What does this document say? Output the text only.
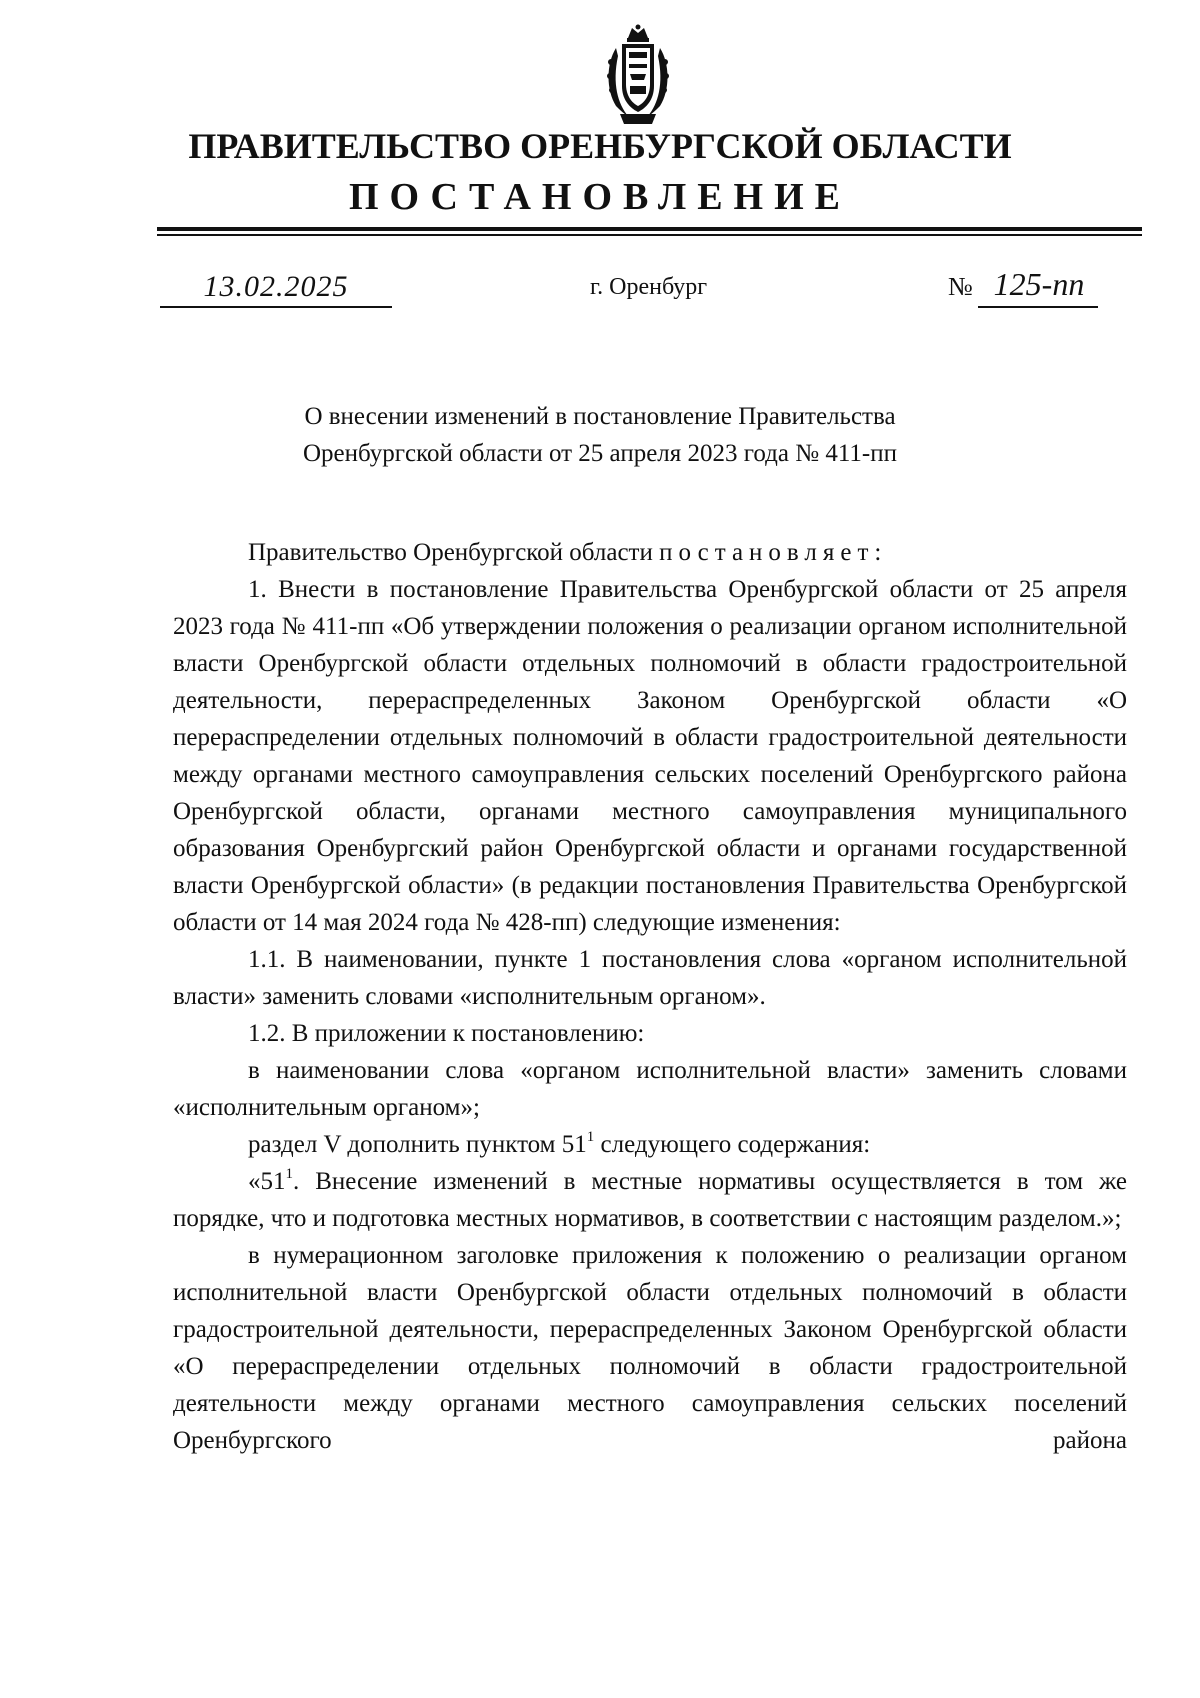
ПРАВИТЕЛЬСТВО ОРЕНБУРГСКОЙ ОБЛАСТИ
ПОСТАНОВЛЕНИЕ
13.02.2025	г. Оренбург	№ 125-пп
О внесении изменений в постановление Правительства
Оренбургской области от 25 апреля 2023 года № 411-пп

Правительство Оренбургской области постановляет:

1. Внести в постановление Правительства Оренбургской области от 25 апреля 2023 года № 411-пп «Об утверждении положения о реализации органом исполнительной власти Оренбургской области отдельных полномочий в области градостроительной деятельности, перераспределенных Законом Оренбургской области «О перераспределении отдельных полномочий в области градостроительной деятельности между органами местного самоуправления сельских поселений Оренбургского района Оренбургской области, органами местного самоуправления муниципального образования Оренбургский район Оренбургской области и органами государственной власти Оренбургской области» (в редакции постановления Правительства Оренбургской области от 14 мая 2024 года № 428-пп) следующие изменения:

1.1. В наименовании, пункте 1 постановления слова «органом исполнительной власти» заменить словами «исполнительным органом».

1.2. В приложении к постановлению:

в наименовании слова «органом исполнительной власти» заменить словами «исполнительным органом»;

раздел V дополнить пунктом $51^1$ следующего содержания:

«$51^1$. Внесение изменений в местные нормативы осуществляется в том же порядке, что и подготовка местных нормативов, в соответствии с настоящим разделом.»;

в нумерационном заголовке приложения к положению о реализации органом исполнительной власти Оренбургской области отдельных полномочий в области градостроительной деятельности, перераспределенных Законом Оренбургской области «О перераспределении отдельных полномочий в области градостроительной деятельности между органами местного самоуправления сельских поселений Оренбургского района
